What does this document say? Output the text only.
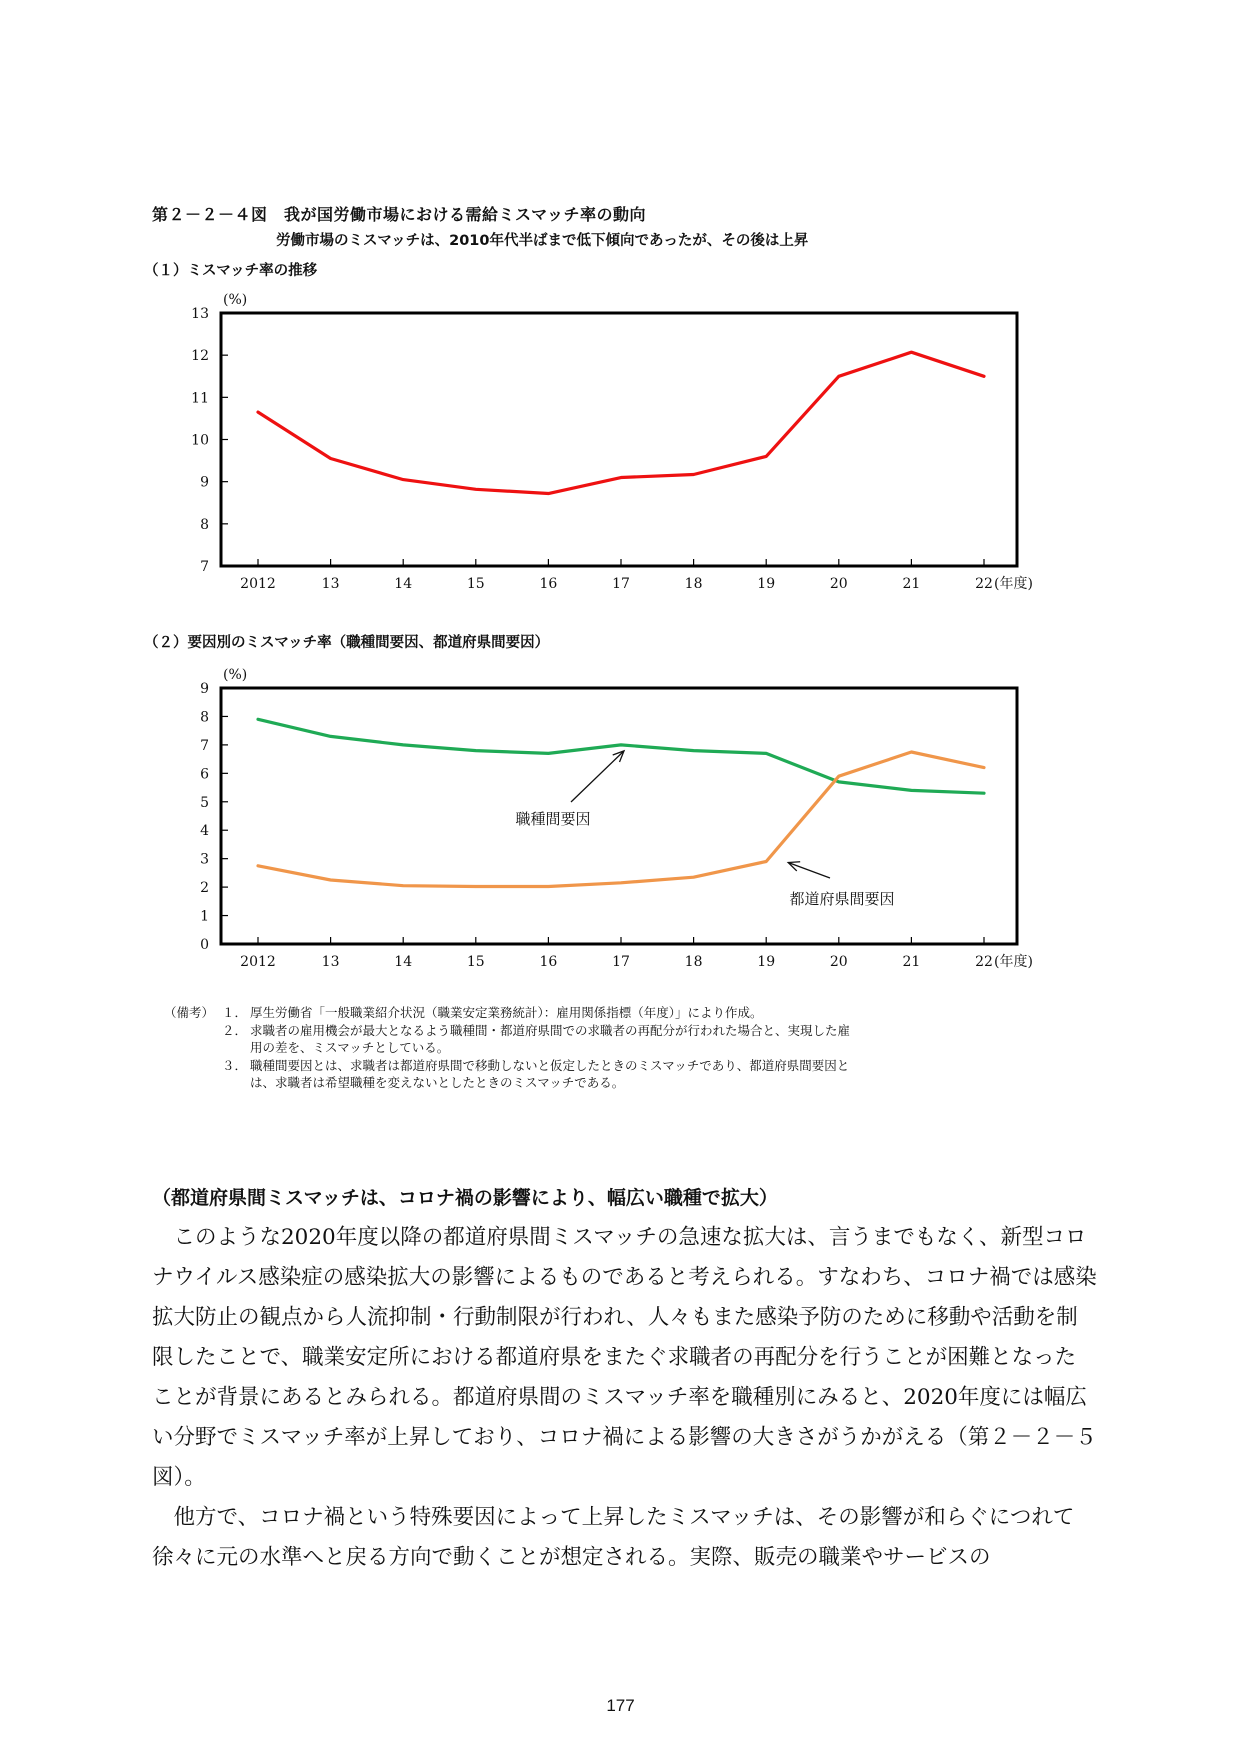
第２－２－４図　我が国労働市場における需給ミスマッチ率の動向
労働市場のミスマッチは、2010年代半ばまで低下傾向であったが、その後は上昇
（１）ミスマッチ率の推移
7
8
9
10
11
12
13
2012	13	14	15	16	17	18	19	20	21	22
(%)
(年度)
（２）要因別のミスマッチ率（職種間要因、都道府県間要因）
0
1
2
3
4
5
6
7
8
9
2012	13	14	15	16	17	18	19	20	21	22
(%)
(年度)
職種間要因
都道府県間要因
（備考） １． 厚生労働省「一般職業紹介状況（職業安定業務統計）：雇用関係指標（年度）」により作成。
２． 求職者の雇用機会が最大となるよう職種間・都道府県間での求職者の再配分が行われた場合と、実現した雇
用の差を、ミスマッチとしている。
３． 職種間要因とは、求職者は都道府県間で移動しないと仮定したときのミスマッチであり、都道府県間要因と
は、求職者は希望職種を変えないとしたときのミスマッチである。
（都道府県間ミスマッチは、コロナ禍の影響により、幅広い職種で拡大）

　このような2020年度以降の都道府県間ミスマッチの急速な拡大は、言うまでもなく、新型コロナウイルス感染症の感染拡大の影響によるものであると考えられる。すなわち、コロナ禍では感染拡大防止の観点から人流抑制・行動制限が行われ、人々もまた感染予防のために移動や活動を制限したことで、職業安定所における都道府県をまたぐ求職者の再配分を行うことが困難となったことが背景にあるとみられる。都道府県間のミスマッチ率を職種別にみると、2020年度には幅広い分野でミスマッチ率が上昇しており、コロナ禍による影響の大きさがうかがえる（第２－２－５図）。

　他方で、コロナ禍という特殊要因によって上昇したミスマッチは、その影響が和らぐにつれて徐々に元の水準へと戻る方向で動くことが想定される。実際、販売の職業やサービスの

177
